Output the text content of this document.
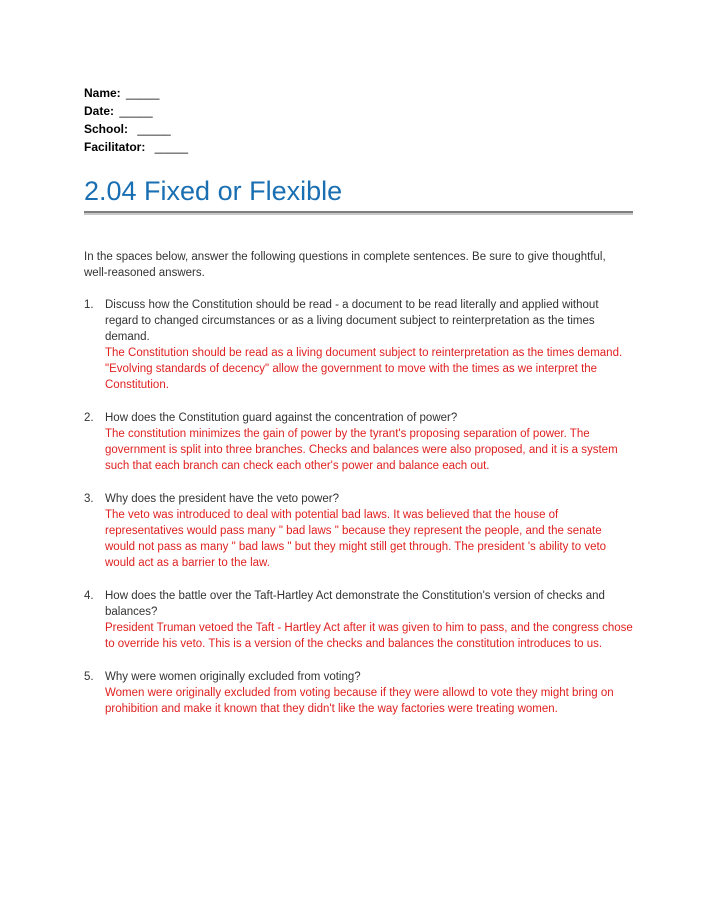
Name: _____
Date: _____
School: _____
Facilitator: _____
2.04 Fixed or Flexible

In the spaces below, answer the following questions in complete sentences. Be sure to give thoughtful, well-reasoned answers.

1. Discuss how the Constitution should be read - a document to be read literally and applied without regard to changed circumstances or as a living document subject to reinterpretation as the times demand.
The Constitution should be read as a living document subject to reinterpretation as the times demand. "Evolving standards of decency" allow the government to move with the times as we interpret the Constitution.
2. How does the Constitution guard against the concentration of power?
The constitution minimizes the gain of power by the tyrant's proposing separation of power. The government is split into three branches. Checks and balances were also proposed, and it is a system such that each branch can check each other's power and balance each out.
3. Why does the president have the veto power?
The veto was introduced to deal with potential bad laws. It was believed that the house of representatives would pass many " bad laws " because they represent the people, and the senate would not pass as many " bad laws " but they might still get through. The president 's ability to veto would act as a barrier to the law.
4. How does the battle over the Taft-Hartley Act demonstrate the Constitution's version of checks and balances?
President Truman vetoed the Taft - Hartley Act after it was given to him to pass, and the congress chose to override his veto. This is a version of the checks and balances the constitution introduces to us.
5. Why were women originally excluded from voting?
Women were originally excluded from voting because if they were allowd to vote they might bring on prohibition and make it known that they didn't like the way factories were treating women.
